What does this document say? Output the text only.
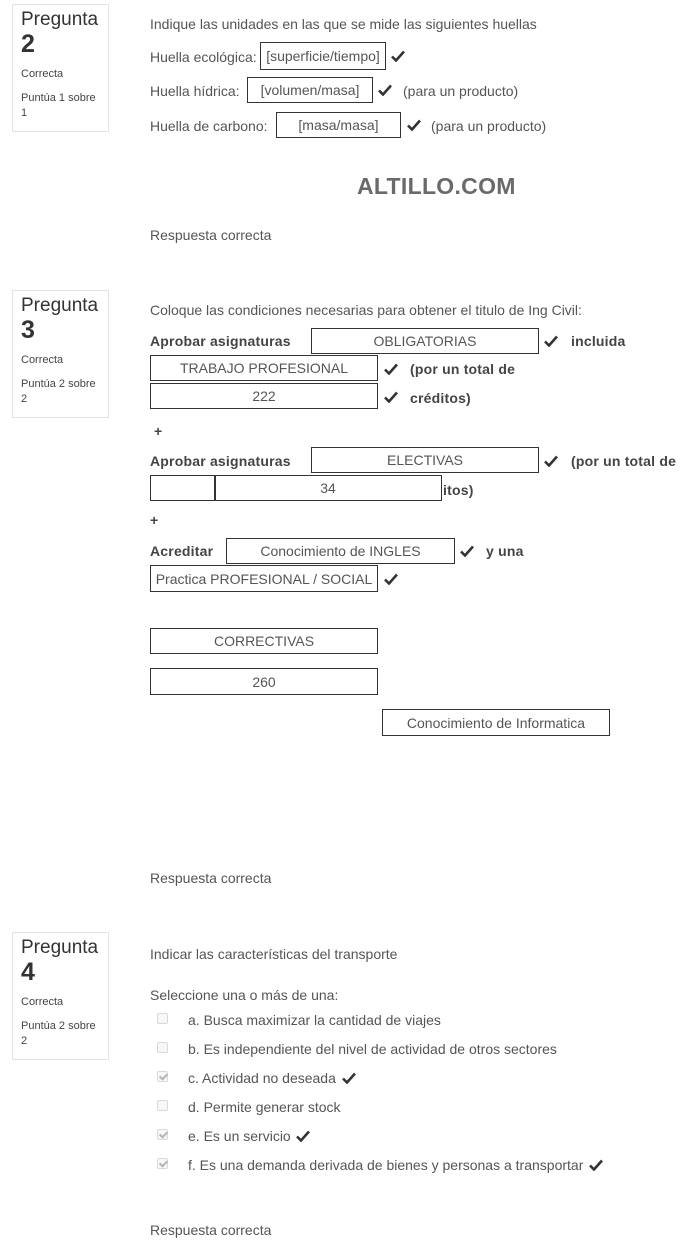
Pregunta
2
Correcta
Puntúa 1 sobre 1
Indique las unidades en las que se mide las siguientes huellas
Huella ecológica: [superficie/tiempo]
Huella hídrica:	[volumen/masa]	(para un producto)
Huella de carbono:	[masa/masa]	(para un producto)
ALTILLO.COM
Respuesta correcta
Pregunta
3
Correcta
Puntúa 2 sobre 2
Coloque las condiciones necesarias para obtener el titulo de Ing Civil:
Aprobar asignaturas	OBLIGATORIAS	incluida
TRABAJO PROFESIONAL	(por un total de
222	créditos)
+
Aprobar asignaturas	ELECTIVAS	(por un total de
34	itos)
+
Acreditar	Conocimiento de INGLES	y una
Practica PROFESIONAL / SOCIAL
CORRECTIVAS
260
Conocimiento de Informatica
Respuesta correcta
Pregunta
4
Correcta
Puntúa 2 sobre 2
Indicar las características del transporte
Seleccione una o más de una:
a. Busca maximizar la cantidad de viajes
b. Es independiente del nivel de actividad de otros sectores
c. Actividad no deseada
d. Permite generar stock
e. Es un servicio
f. Es una demanda derivada de bienes y personas a transportar
Respuesta correcta
